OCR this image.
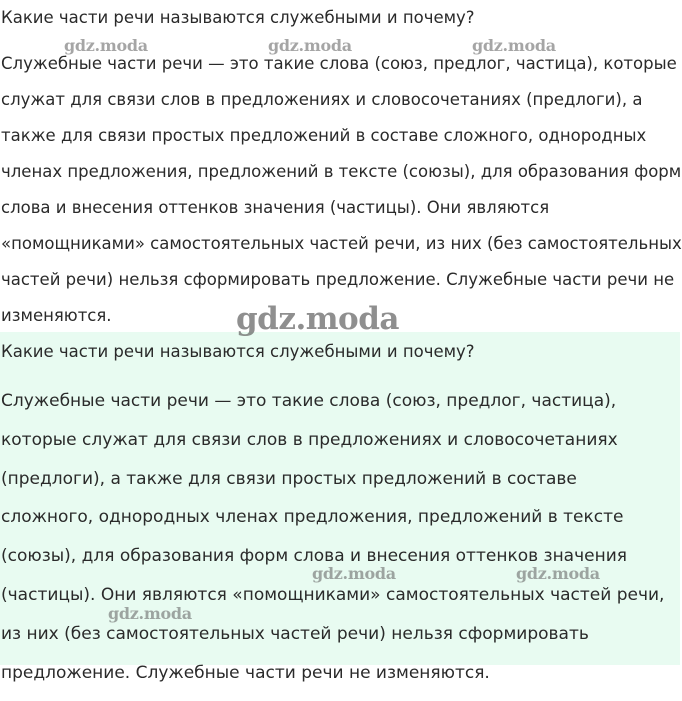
Какие части речи называются служебными и почему?
Служебные части речи — это такие слова (союз, предлог, частица), которые
служат для связи слов в предложениях и словосочетаниях (предлоги), а
также для связи простых предложений в составе сложного, однородных
членах предложения, предложений в тексте (союзы), для образования форм
слова и внесения оттенков значения (частицы). Они являются
«помощниками» самостоятельных частей речи, из них (без самостоятельных
частей речи) нельзя сформировать предложение. Служебные части речи не
изменяются.
gdz.moda	gdz.moda	gdz.moda
Какие части речи называются служебными и почему?
Служебные части речи — это такие слова (союз, предлог, частица),
которые служат для связи слов в предложениях и словосочетаниях
(предлоги), а также для связи простых предложений в составе
сложного, однородных членах предложения, предложений в тексте
(союзы), для образования форм слова и внесения оттенков значения
(частицы). Они являются «помощниками» самостоятельных частей речи,
из них (без самостоятельных частей речи) нельзя сформировать
предложение. Служебные части речи не изменяются.
gdz.moda	gdz.moda
gdz.moda
gdz.moda
